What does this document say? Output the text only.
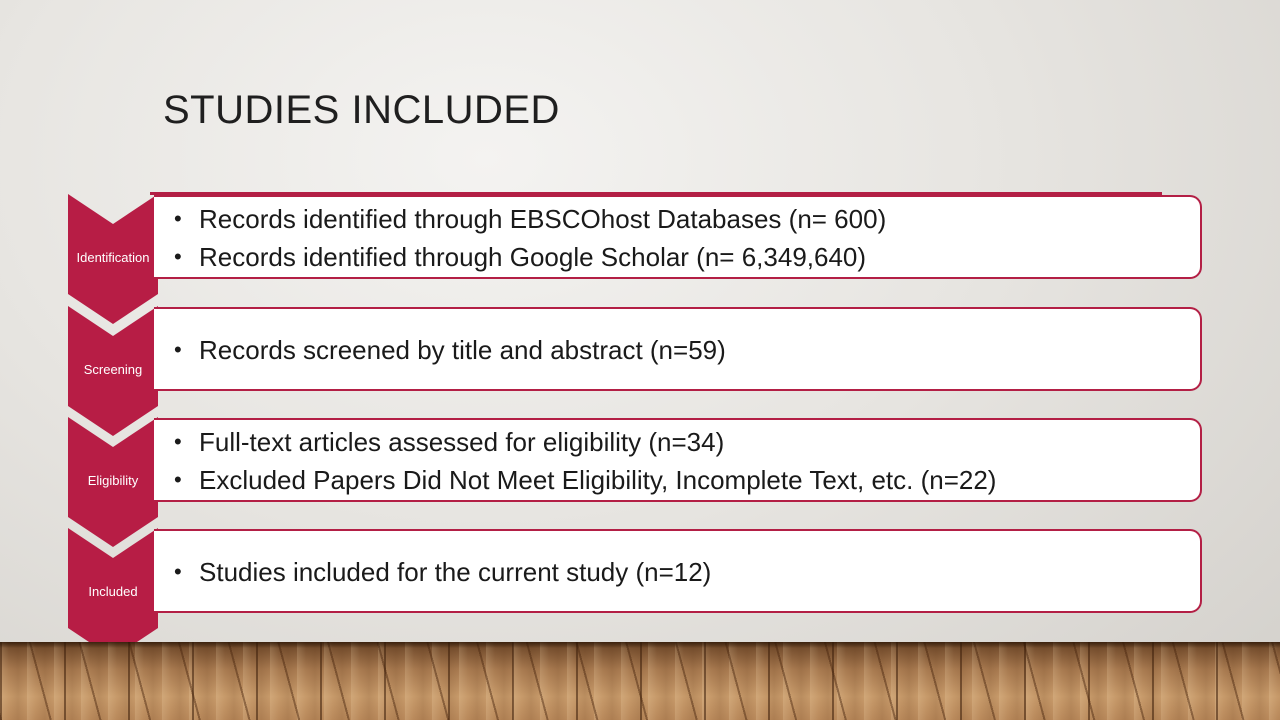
STUDIES INCLUDED
Identification
• Records identified through EBSCOhost Databases (n= 600)
• Records identified through Google Scholar (n= 6,349,640)
Screening
• Records screened by title and abstract (n=59)
Eligibility
• Full-text articles assessed for eligibility (n=34)
• Excluded Papers Did Not Meet Eligibility, Incomplete Text, etc. (n=22)
Included
• Studies included for the current study (n=12)
